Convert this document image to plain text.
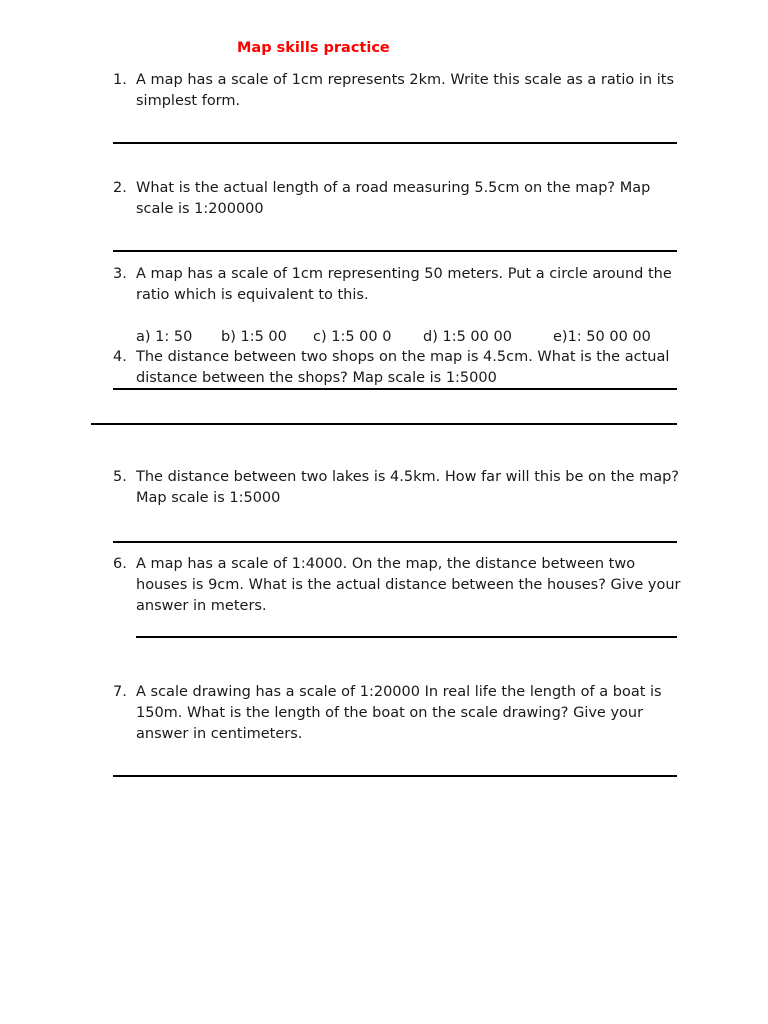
Map skills practice
1. A map has a scale of 1cm represents 2km. Write this scale as a ratio in its simplest form.
2. What is the actual length of a road measuring 5.5cm on the map? Map scale is 1:200000
3. A map has a scale of 1cm representing 50 meters. Put a circle around the ratio which is equivalent to this.
a) 1: 50 b) 1:5 00 c) 1:5 00 0 d) 1:5 00 00	e)1: 50 00 00
4. The distance between two shops on the map is 4.5cm. What is the actual distance between the shops? Map scale is 1:5000
5. The distance between two lakes is 4.5km. How far will this be on the map? Map scale is 1:5000
6. A map has a scale of 1:4000. On the map, the distance between two houses is 9cm. What is the actual distance between the houses? Give your answer in meters.
7. A scale drawing has a scale of 1:20000 In real life the length of a boat is 150m. What is the length of the boat on the scale drawing? Give your answer in centimeters.
